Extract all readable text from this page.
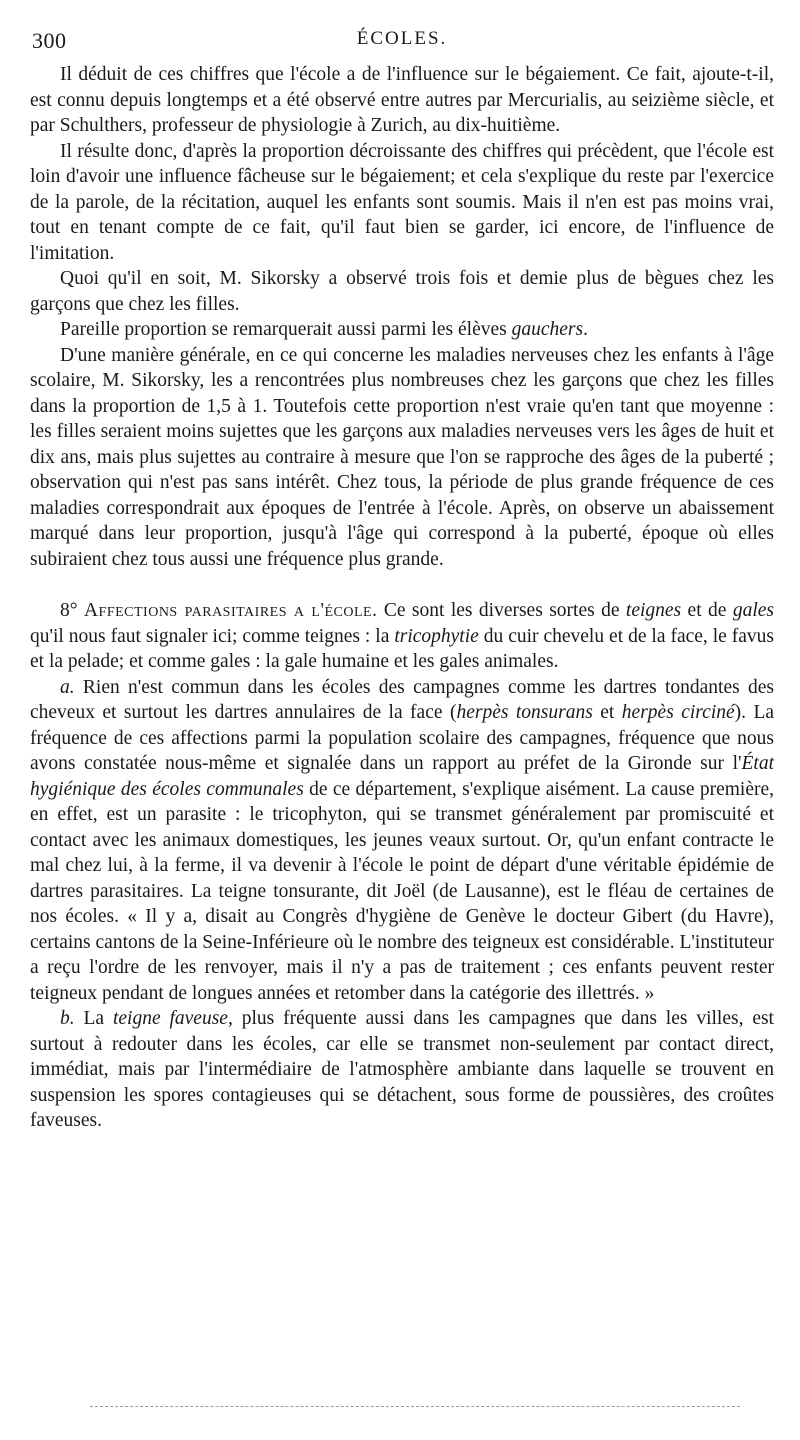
300	ÉCOLES.

Il déduit de ces chiffres que l'école a de l'influence sur le bégaiement. Ce fait, ajoute-t-il, est connu depuis longtemps et a été observé entre autres par Mercurialis, au seizième siècle, et par Schulthers, professeur de physiologie à Zurich, au dix-huitième.

Il résulte donc, d'après la proportion décroissante des chiffres qui précèdent, que l'école est loin d'avoir une influence fâcheuse sur le bégaiement; et cela s'explique du reste par l'exercice de la parole, de la récitation, auquel les enfants sont soumis. Mais il n'en est pas moins vrai, tout en tenant compte de ce fait, qu'il faut bien se garder, ici encore, de l'influence de l'imitation.

Quoi qu'il en soit, M. Sikorsky a observé trois fois et demie plus de bègues chez les garçons que chez les filles.

Pareille proportion se remarquerait aussi parmi les élèves gauchers.

D'une manière générale, en ce qui concerne les maladies nerveuses chez les enfants à l'âge scolaire, M. Sikorsky, les a rencontrées plus nombreuses chez les garçons que chez les filles dans la proportion de 1,5 à 1. Toutefois cette proportion n'est vraie qu'en tant que moyenne : les filles seraient moins sujettes que les garçons aux maladies nerveuses vers les âges de huit et dix ans, mais plus sujettes au contraire à mesure que l'on se rapproche des âges de la puberté ; observation qui n'est pas sans intérêt. Chez tous, la période de plus grande fréquence de ces maladies correspondrait aux époques de l'entrée à l'école. Après, on observe un abaissement marqué dans leur proportion, jusqu'à l'âge qui correspond à la puberté, époque où elles subiraient chez tous aussi une fréquence plus grande.

8° Affections parasitaires a l'école. Ce sont les diverses sortes de teignes et de gales qu'il nous faut signaler ici; comme teignes : la tricophytie du cuir chevelu et de la face, le favus et la pelade; et comme gales : la gale humaine et les gales animales.

a. Rien n'est commun dans les écoles des campagnes comme les dartres tondantes des cheveux et surtout les dartres annulaires de la face (herpès tonsurans et herpès circiné). La fréquence de ces affections parmi la population scolaire des campagnes, fréquence que nous avons constatée nous-même et signalée dans un rapport au préfet de la Gironde sur l'État hygiénique des écoles communales de ce département, s'explique aisément. La cause première, en effet, est un parasite : le tricophyton, qui se transmet généralement par promiscuité et contact avec les animaux domestiques, les jeunes veaux surtout. Or, qu'un enfant contracte le mal chez lui, à la ferme, il va devenir à l'école le point de départ d'une véritable épidémie de dartres parasitaires. La teigne tonsurante, dit Joël (de Lausanne), est le fléau de certaines de nos écoles. « Il y a, disait au Congrès d'hygiène de Genève le docteur Gibert (du Havre), certains cantons de la Seine-Inférieure où le nombre des teigneux est considérable. L'instituteur a reçu l'ordre de les renvoyer, mais il n'y a pas de traitement ; ces enfants peuvent rester teigneux pendant de longues années et retomber dans la catégorie des illettrés. »

b. La teigne faveuse, plus fréquente aussi dans les campagnes que dans les villes, est surtout à redouter dans les écoles, car elle se transmet non-seulement par contact direct, immédiat, mais par l'intermédiaire de l'atmosphère ambiante dans laquelle se trouvent en suspension les spores contagieuses qui se détachent, sous forme de poussières, des croûtes faveuses.
